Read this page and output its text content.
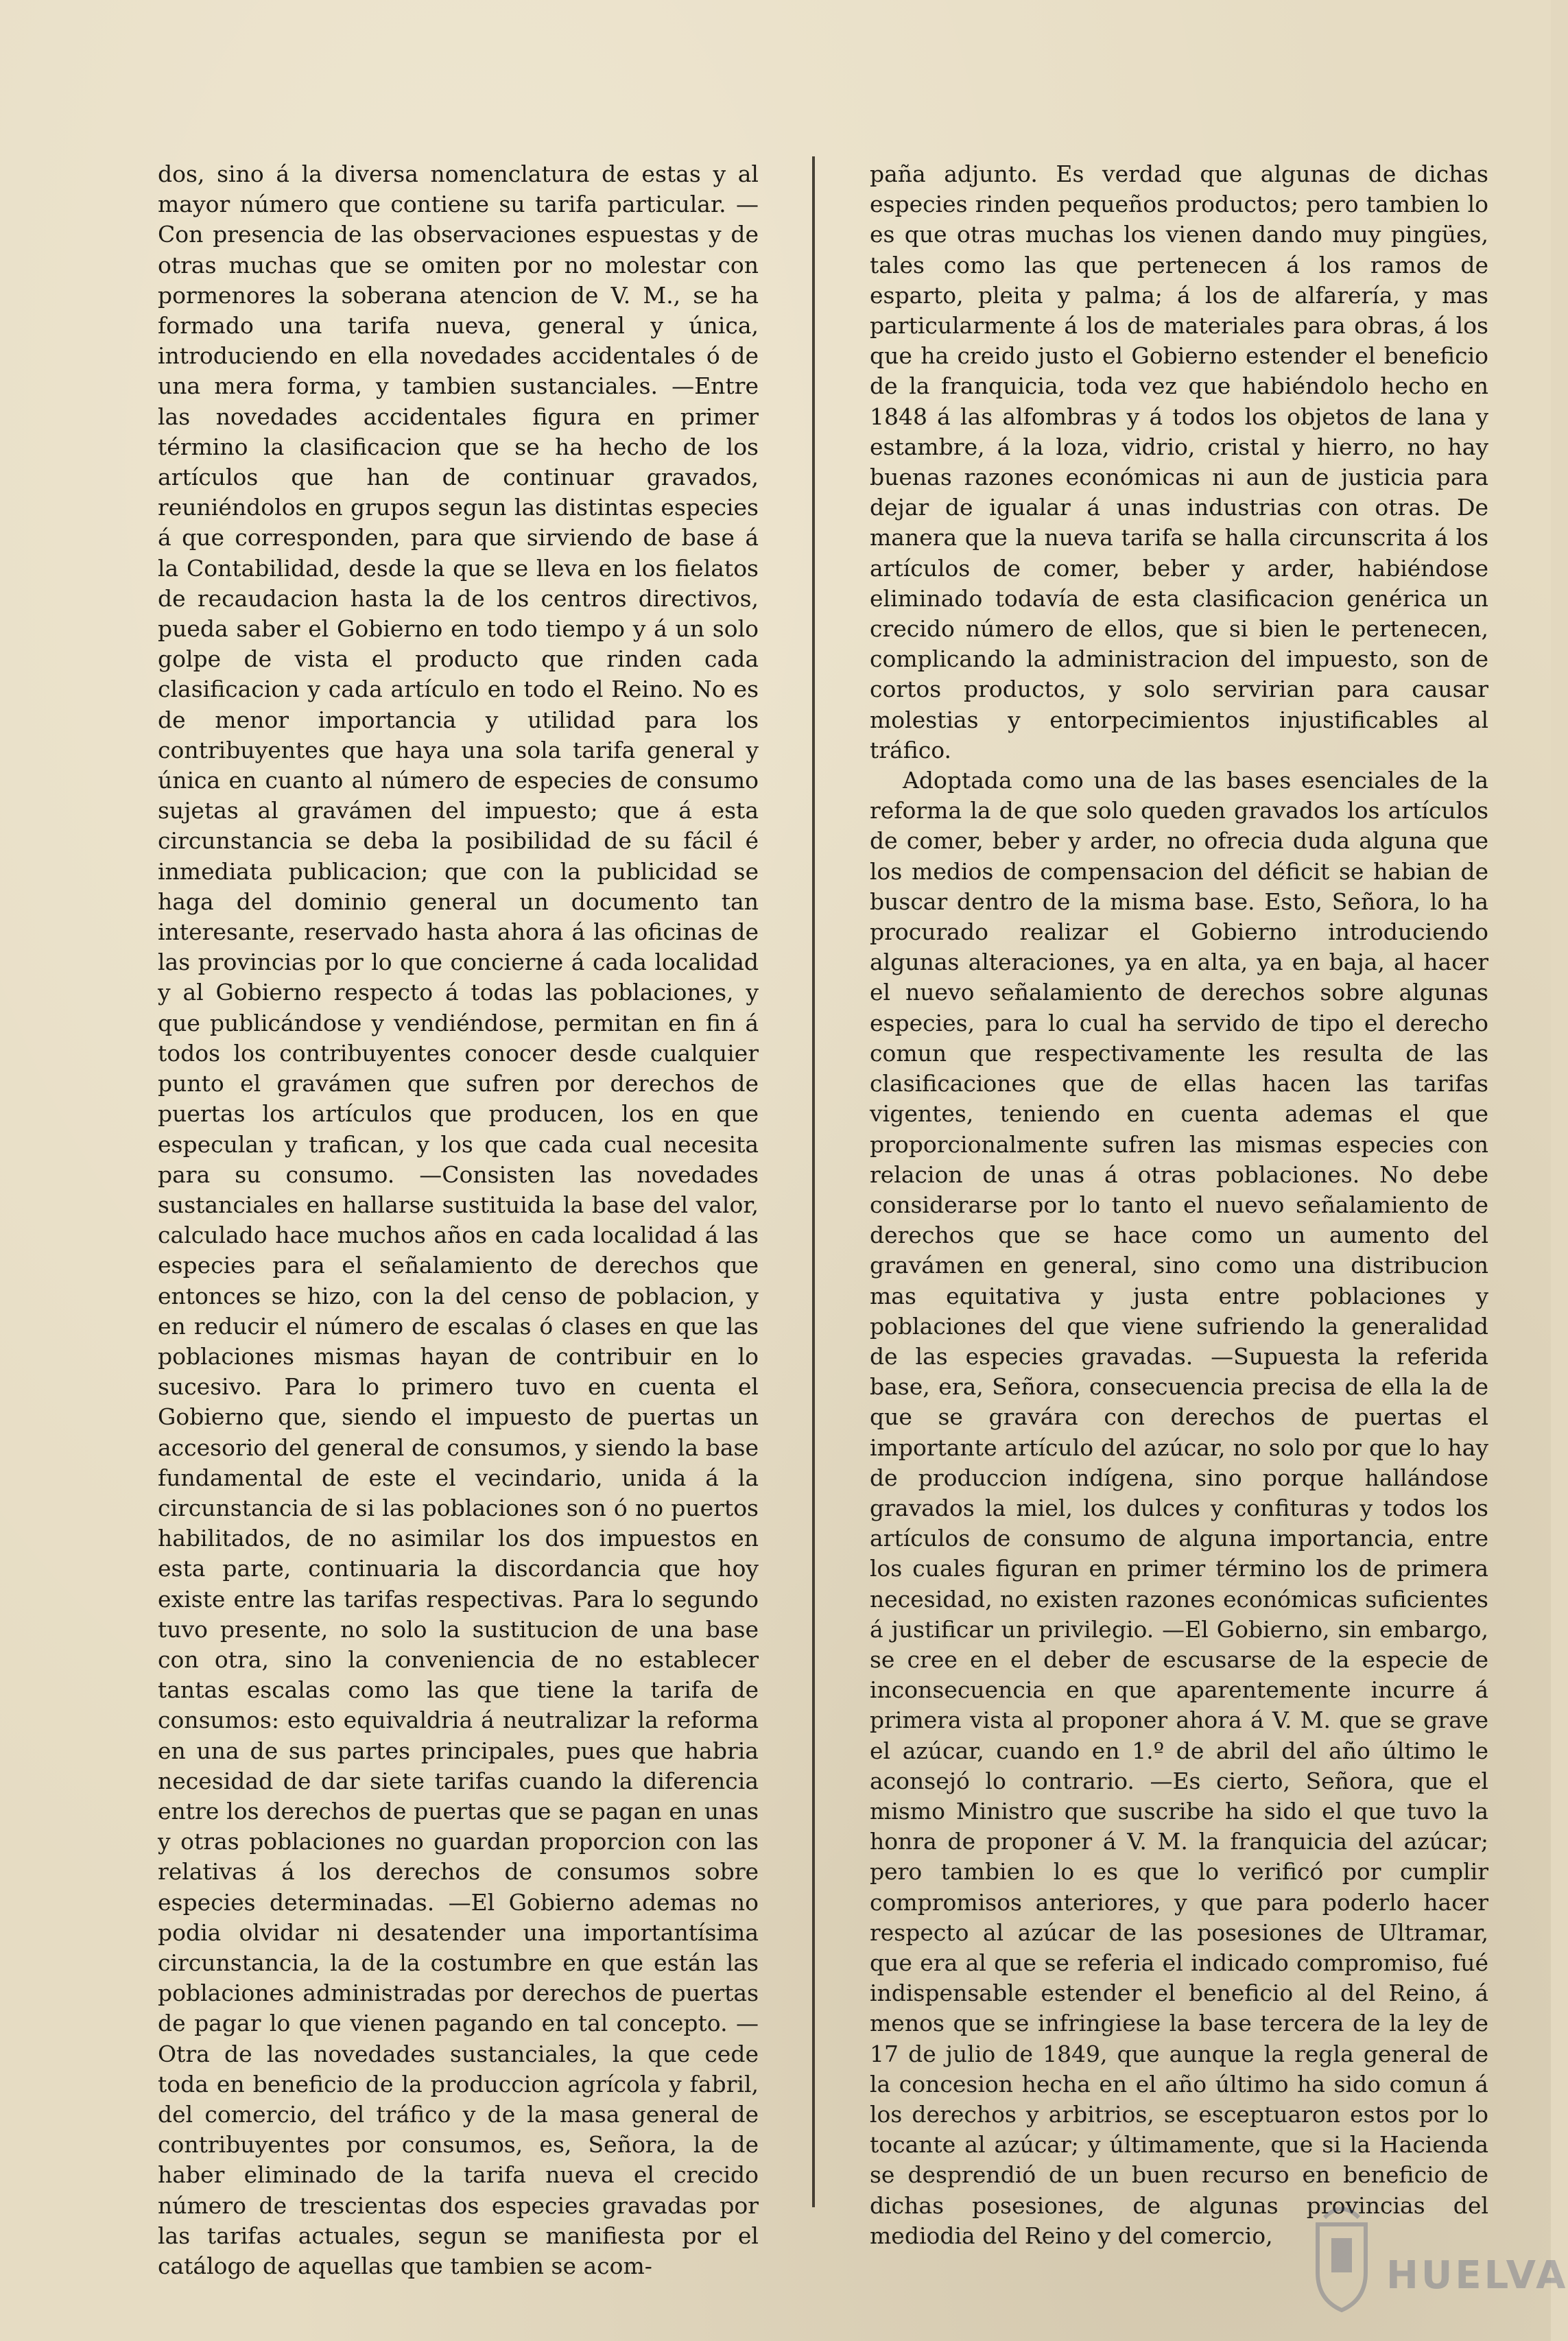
dos, sino á la diversa nomenclatura de estas y al mayor número que contiene su tarifa particular. —Con presencia de las observaciones espuestas y de otras muchas que se omiten por no molestar con pormenores la soberana atencion de V. M., se ha formado una tarifa nueva, general y única, introduciendo en ella novedades accidentales ó de una mera forma, y tambien sustanciales. —Entre las novedades accidentales figura en primer término la clasificacion que se ha hecho de los artículos que han de continuar gravados, reuniéndolos en grupos segun las distintas especies á que corresponden, para que sirviendo de base á la Contabilidad, desde la que se lleva en los fielatos de recaudacion hasta la de los centros directivos, pueda saber el Gobierno en todo tiempo y á un solo golpe de vista el producto que rinden cada clasificacion y cada artículo en todo el Reino. No es de menor importancia y utilidad para los contribuyentes que haya una sola tarifa general y única en cuanto al número de especies de consumo sujetas al gravámen del impuesto; que á esta circunstancia se deba la posibilidad de su fácil é inmediata publicacion; que con la publicidad se haga del dominio general un documento tan interesante, reservado hasta ahora á las oficinas de las provincias por lo que concierne á cada localidad y al Gobierno respecto á todas las poblaciones, y que publicándose y vendiéndose, permitan en fin á todos los contribuyentes conocer desde cualquier punto el gravámen que sufren por derechos de puertas los artículos que producen, los en que especulan y trafican, y los que cada cual necesita para su consumo. —Consisten las novedades sustanciales en hallarse sustituida la base del valor, calculado hace muchos años en cada localidad á las especies para el señalamiento de derechos que entonces se hizo, con la del censo de poblacion, y en reducir el número de escalas ó clases en que las poblaciones mismas hayan de contribuir en lo sucesivo. Para lo primero tuvo en cuenta el Gobierno que, siendo el impuesto de puertas un accesorio del general de consumos, y siendo la base fundamental de este el vecindario, unida á la circunstancia de si las poblaciones son ó no puertos habilitados, de no asimilar los dos impuestos en esta parte, continuaria la discordancia que hoy existe entre las tarifas respectivas. Para lo segundo tuvo presente, no solo la sustitucion de una base con otra, sino la conveniencia de no establecer tantas escalas como las que tiene la tarifa de consumos: esto equivaldria á neutralizar la reforma en una de sus partes principales, pues que habria necesidad de dar siete tarifas cuando la diferencia entre los derechos de puertas que se pagan en unas y otras poblaciones no guardan proporcion con las relativas á los derechos de consumos sobre especies determinadas. —El Gobierno ademas no podia olvidar ni desatender una importantísima circunstancia, la de la costumbre en que están las poblaciones administradas por derechos de puertas de pagar lo que vienen pagando en tal concepto. —Otra de las novedades sustanciales, la que cede toda en beneficio de la produccion agrícola y fabril, del comercio, del tráfico y de la masa general de contribuyentes por consumos, es, Señora, la de haber eliminado de la tarifa nueva el crecido número de trescientas dos especies gravadas por las tarifas actuales, segun se manifiesta por el catálogo de aquellas que tambien se acom-

paña adjunto. Es verdad que algunas de dichas especies rinden pequeños productos; pero tambien lo es que otras muchas los vienen dando muy pingües, tales como las que pertenecen á los ramos de esparto, pleita y palma; á los de alfarería, y mas particularmente á los de materiales para obras, á los que ha creido justo el Gobierno estender el beneficio de la franquicia, toda vez que habiéndolo hecho en 1848 á las alfombras y á todos los objetos de lana y estambre, á la loza, vidrio, cristal y hierro, no hay buenas razones económicas ni aun de justicia para dejar de igualar á unas industrias con otras. De manera que la nueva tarifa se halla circunscrita á los artículos de comer, beber y arder, habiéndose eliminado todavía de esta clasificacion genérica un crecido número de ellos, que si bien le pertenecen, complicando la administracion del impuesto, son de cortos productos, y solo servirian para causar molestias y entorpecimientos injustificables al tráfico.

Adoptada como una de las bases esenciales de la reforma la de que solo queden gravados los artículos de comer, beber y arder, no ofrecia duda alguna que los medios de compensacion del déficit se habian de buscar dentro de la misma base. Esto, Señora, lo ha procurado realizar el Gobierno introduciendo algunas alteraciones, ya en alta, ya en baja, al hacer el nuevo señalamiento de derechos sobre algunas especies, para lo cual ha servido de tipo el derecho comun que respectivamente les resulta de las clasificaciones que de ellas hacen las tarifas vigentes, teniendo en cuenta ademas el que proporcionalmente sufren las mismas especies con relacion de unas á otras poblaciones. No debe considerarse por lo tanto el nuevo señalamiento de derechos que se hace como un aumento del gravámen en general, sino como una distribucion mas equitativa y justa entre poblaciones y poblaciones del que viene sufriendo la generalidad de las especies gravadas. —Supuesta la referida base, era, Señora, consecuencia precisa de ella la de que se gravára con derechos de puertas el importante artículo del azúcar, no solo por que lo hay de produccion indígena, sino porque hallándose gravados la miel, los dulces y confituras y todos los artículos de consumo de alguna importancia, entre los cuales figuran en primer término los de primera necesidad, no existen razones económicas suficientes á justificar un privilegio. —El Gobierno, sin embargo, se cree en el deber de escusarse de la especie de inconsecuencia en que aparentemente incurre á primera vista al proponer ahora á V. M. que se grave el azúcar, cuando en 1.º de abril del año último le aconsejó lo contrario. —Es cierto, Señora, que el mismo Ministro que suscribe ha sido el que tuvo la honra de proponer á V. M. la franquicia del azúcar; pero tambien lo es que lo verificó por cumplir compromisos anteriores, y que para poderlo hacer respecto al azúcar de las posesiones de Ultramar, que era al que se referia el indicado compromiso, fué indispensable estender el beneficio al del Reino, á menos que se infringiese la base tercera de la ley de 17 de julio de 1849, que aunque la regla general de la concesion hecha en el año último ha sido comun á los derechos y arbitrios, se esceptuaron estos por lo tocante al azúcar; y últimamente, que si la Hacienda se desprendió de un buen recurso en beneficio de dichas posesiones, de algunas provincias del mediodia del Reino y del comercio,

HUELVA
